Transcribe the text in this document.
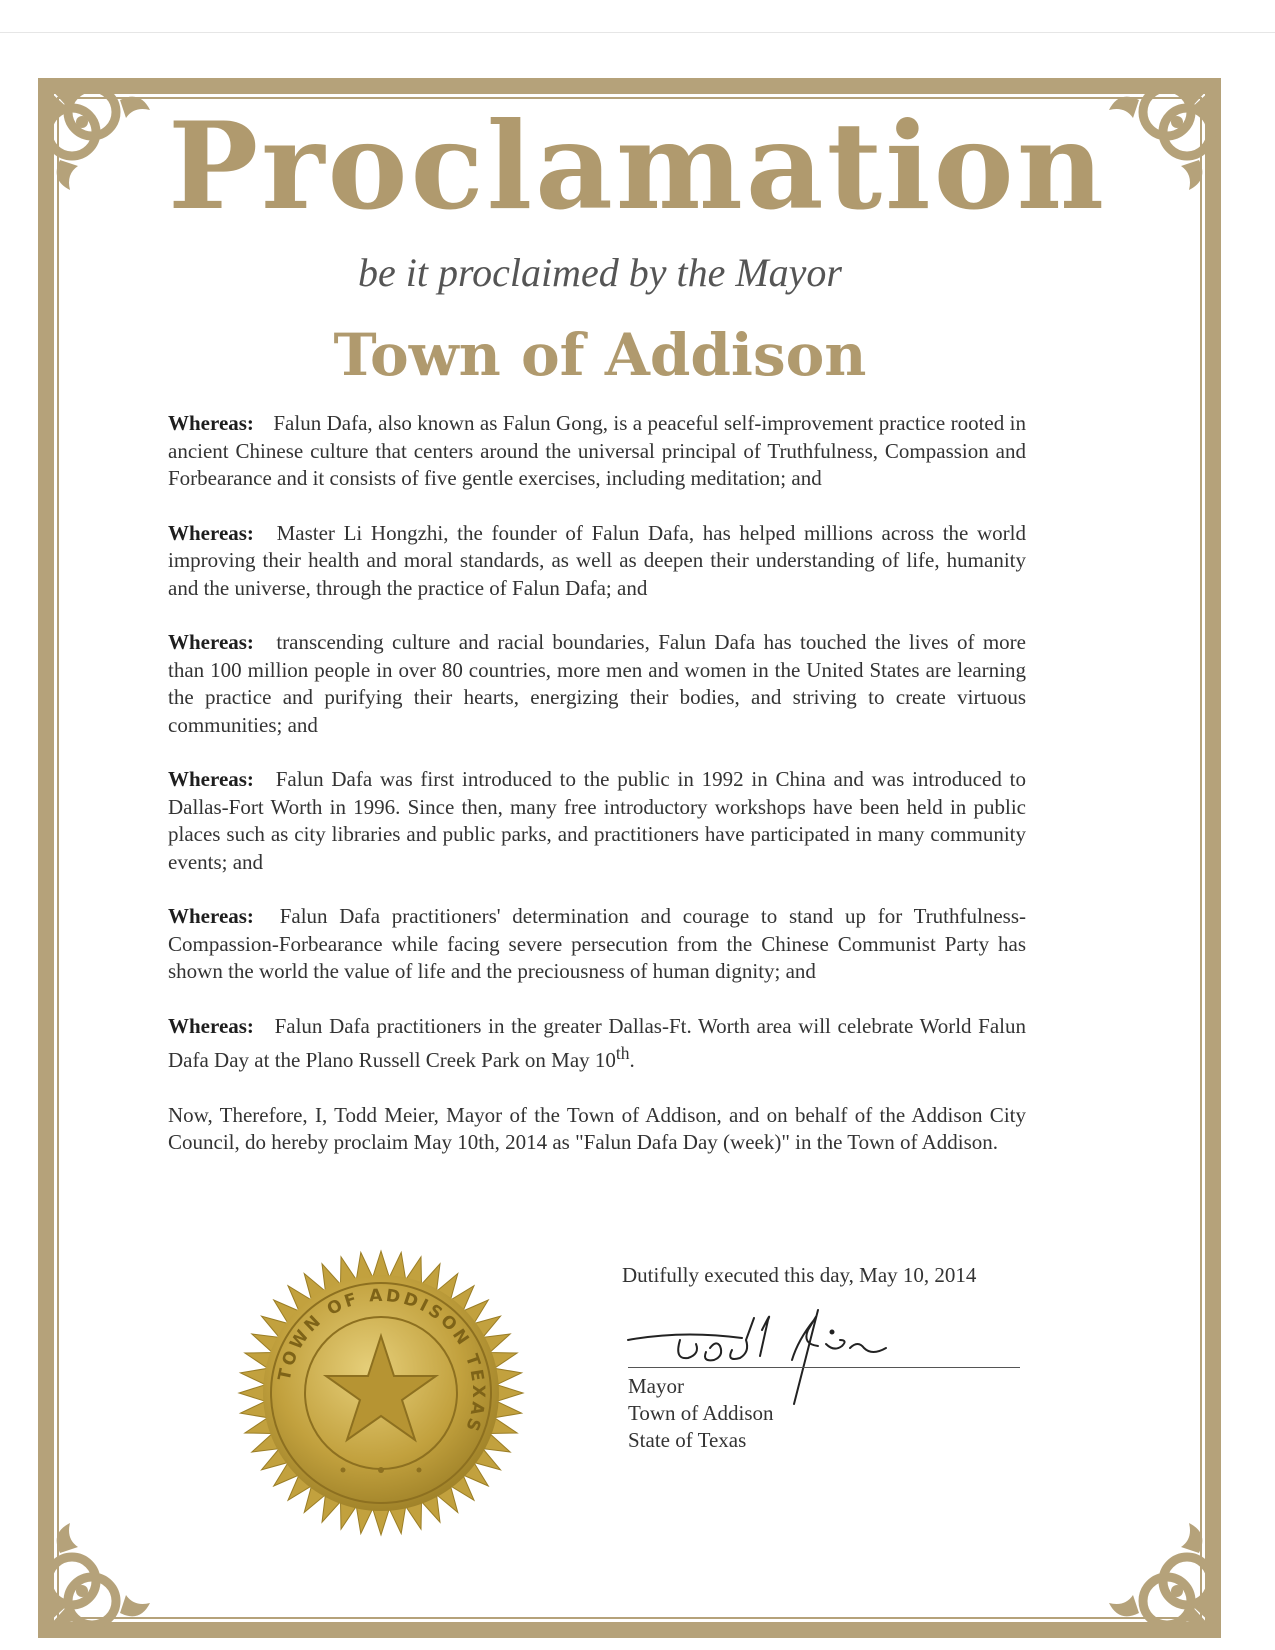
Proclamation
be it proclaimed by the Mayor
Town of Addison

Whereas: Falun Dafa, also known as Falun Gong, is a peaceful self-improvement practice rooted in ancient Chinese culture that centers around the universal principal of Truthfulness, Compassion and Forbearance and it consists of five gentle exercises, including meditation; and

Whereas: Master Li Hongzhi, the founder of Falun Dafa, has helped millions across the world improving their health and moral standards, as well as deepen their understanding of life, humanity and the universe, through the practice of Falun Dafa; and

Whereas: transcending culture and racial boundaries, Falun Dafa has touched the lives of more than 100 million people in over 80 countries, more men and women in the United States are learning the practice and purifying their hearts, energizing their bodies, and striving to create virtuous communities; and

Whereas: Falun Dafa was first introduced to the public in 1992 in China and was introduced to Dallas-Fort Worth in 1996. Since then, many free introductory workshops have been held in public places such as city libraries and public parks, and practitioners have participated in many community events; and

Whereas: Falun Dafa practitioners' determination and courage to stand up for Truthfulness-Compassion-Forbearance while facing severe persecution from the Chinese Communist Party has shown the world the value of life and the preciousness of human dignity; and

Whereas: Falun Dafa practitioners in the greater Dallas-Ft. Worth area will celebrate World Falun Dafa Day at the Plano Russell Creek Park on May 10th.

Now, Therefore, I, Todd Meier, Mayor of the Town of Addison, and on behalf of the Addison City Council, do hereby proclaim May 10th, 2014 as "Falun Dafa Day (week)" in the Town of Addison.

Dutifully executed this day, May 10, 2014
Mayor
Town of Addison
State of Texas
TOWN OF ADDISON TEXAS
